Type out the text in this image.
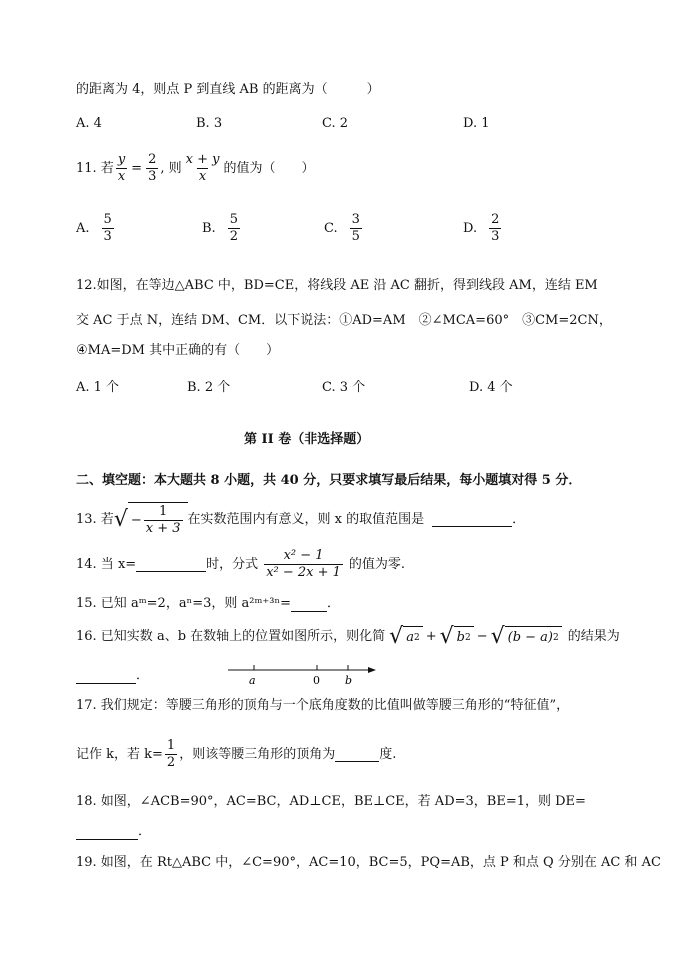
的距离为 4，则点 P 到直线 AB 的距离为（　　　）
A. 4	B. 3	C. 2	D. 1
11. 若 $\frac{y}{x} = \frac{2}{3}$ , 则 $\frac{x + y}{x}$ 的值为（　　）
A. $\frac{5}{3}$	B. $\frac{5}{2}$	C. $\frac{3}{5}$	D. $\frac{2}{3}$
12.如图，在等边△ABC 中，BD=CE，将线段 AE 沿 AC 翻折，得到线段 AM，连结 EM
交 AC 于点 N，连结 DM、CM．以下说法：①AD=AM　②∠MCA=60°　③CM=2CN，
④MA=DM 其中正确的有（　　）
A. 1 个	B. 2 个	C. 3 个	D. 4 个
第 II 卷（非选择题）
二、填空题：本大题共 8 小题，共 40 分，只要求填写最后结果，每小题填对得 5 分．
13. 若 √ − $\frac{1}{x + 3}$ 在实数范围内有意义，则 x 的取值范围是	．
14. 当 x=	时，分式 $\frac{\text{x² − 1}}{\text{x² − 2x + 1}}$ 的值为零.
15. 已知 aᵐ=2，aⁿ=3，则 a²ᵐ⁺³ⁿ=	．
16. 已知实数 a、b 在数轴上的位置如图所示，则化简 √ a 2 + √ b 2 − √ (b − a) 2 的结果为
．	a	0 b
17. 我们规定：等腰三角形的顶角与一个底角度数的比值叫做等腰三角形的“特征值”，
记作 k，若 $k= \frac{1}{2}$ ，则该等腰三角形的顶角为	度.
18. 如图，∠ACB=90°，AC=BC，AD⊥CE，BE⊥CE，若 AD=3，BE=1，则 DE=
．
19. 如图，在 Rt△ABC 中，∠C=90°，AC=10，BC=5，PQ=AB，点 P 和点 Q 分别在 AC 和 AC
